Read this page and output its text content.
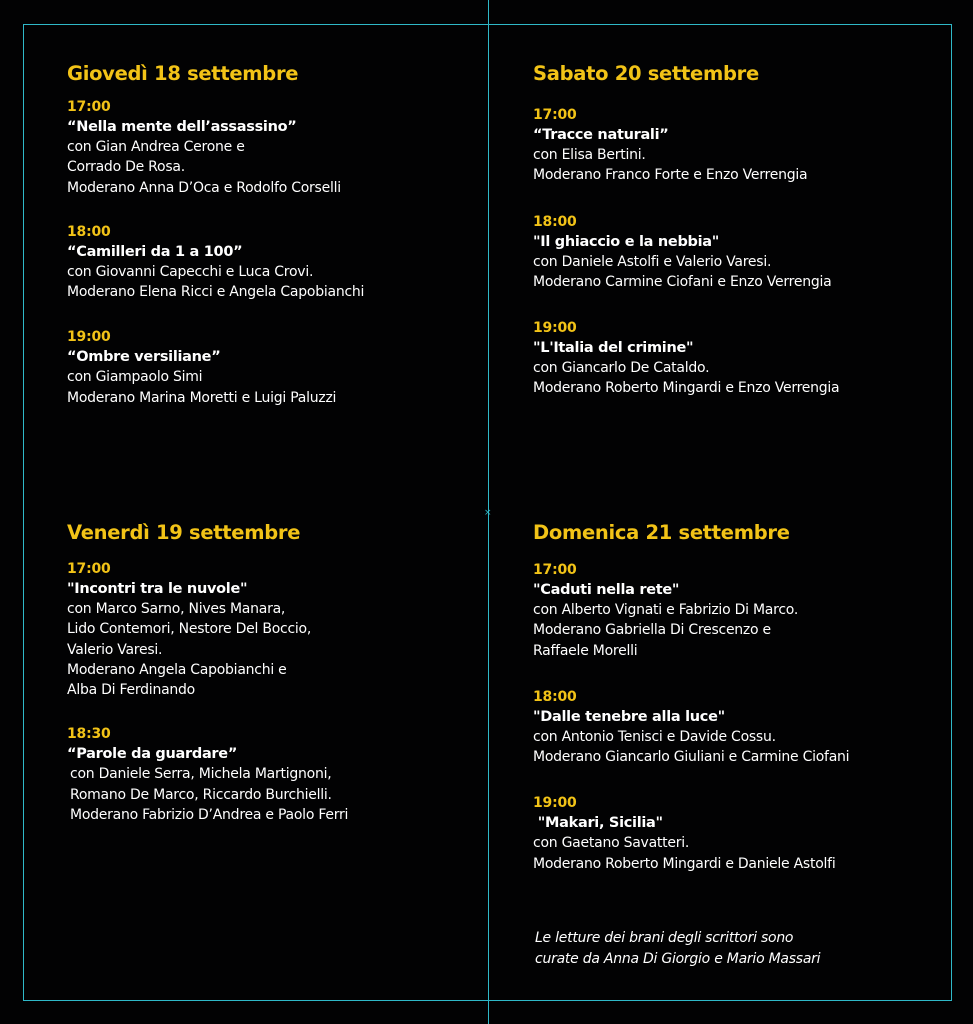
×
Giovedì 18 settembre
17:00
“Nella mente dell’assassino”
con Gian Andrea Cerone e
Corrado De Rosa.
Moderano Anna D’Oca e Rodolfo Corselli
18:00
“Camilleri da 1 a 100”
con Giovanni Capecchi e Luca Crovi.
Moderano Elena Ricci e Angela Capobianchi
19:00
“Ombre versiliane”
con Giampaolo Simi
Moderano Marina Moretti e Luigi Paluzzi
Sabato 20 settembre
17:00
“Tracce naturali”
con Elisa Bertini.
Moderano Franco Forte e Enzo Verrengia
18:00
"Il ghiaccio e la nebbia"
con Daniele Astolfi e Valerio Varesi.
Moderano Carmine Ciofani e Enzo Verrengia
19:00
"L'Italia del crimine"
con Giancarlo De Cataldo.
Moderano Roberto Mingardi e Enzo Verrengia
Venerdì 19 settembre
17:00
"Incontri tra le nuvole"
con Marco Sarno, Nives Manara,
Lido Contemori, Nestore Del Boccio,
Valerio Varesi.
Moderano Angela Capobianchi e
Alba Di Ferdinando
18:30
“Parole da guardare”
con Daniele Serra, Michela Martignoni,
Romano De Marco, Riccardo Burchielli.
Moderano Fabrizio D’Andrea e Paolo Ferri
Domenica 21 settembre
17:00
"Caduti nella rete"
con Alberto Vignati e Fabrizio Di Marco.
Moderano Gabriella Di Crescenzo e
Raffaele Morelli
18:00
"Dalle tenebre alla luce"
con Antonio Tenisci e Davide Cossu.
Moderano Giancarlo Giuliani e Carmine Ciofani
19:00
"Makari, Sicilia"
con Gaetano Savatteri.
Moderano Roberto Mingardi e Daniele Astolfi
Le letture dei brani degli scrittori sono
curate da Anna Di Giorgio e Mario Massari
